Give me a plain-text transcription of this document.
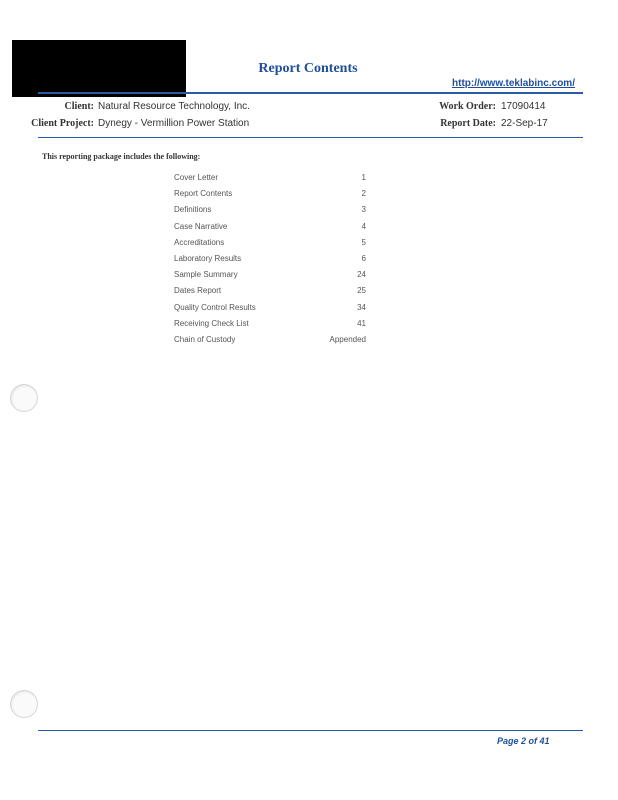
Report Contents
http://www.teklabinc.com/
Client: Natural Resource Technology, Inc.
Client Project: Dynegy - Vermillion Power Station
Work Order: 17090414
Report Date: 22-Sep-17
This reporting package includes the following:
Cover Letter	1
Report Contents	2
Definitions	3
Case Narrative	4
Accreditations	5
Laboratory Results	6
Sample Summary	24
Dates Report	25
Quality Control Results	34
Receiving Check List	41
Chain of Custody	Appended
Page 2 of 41
